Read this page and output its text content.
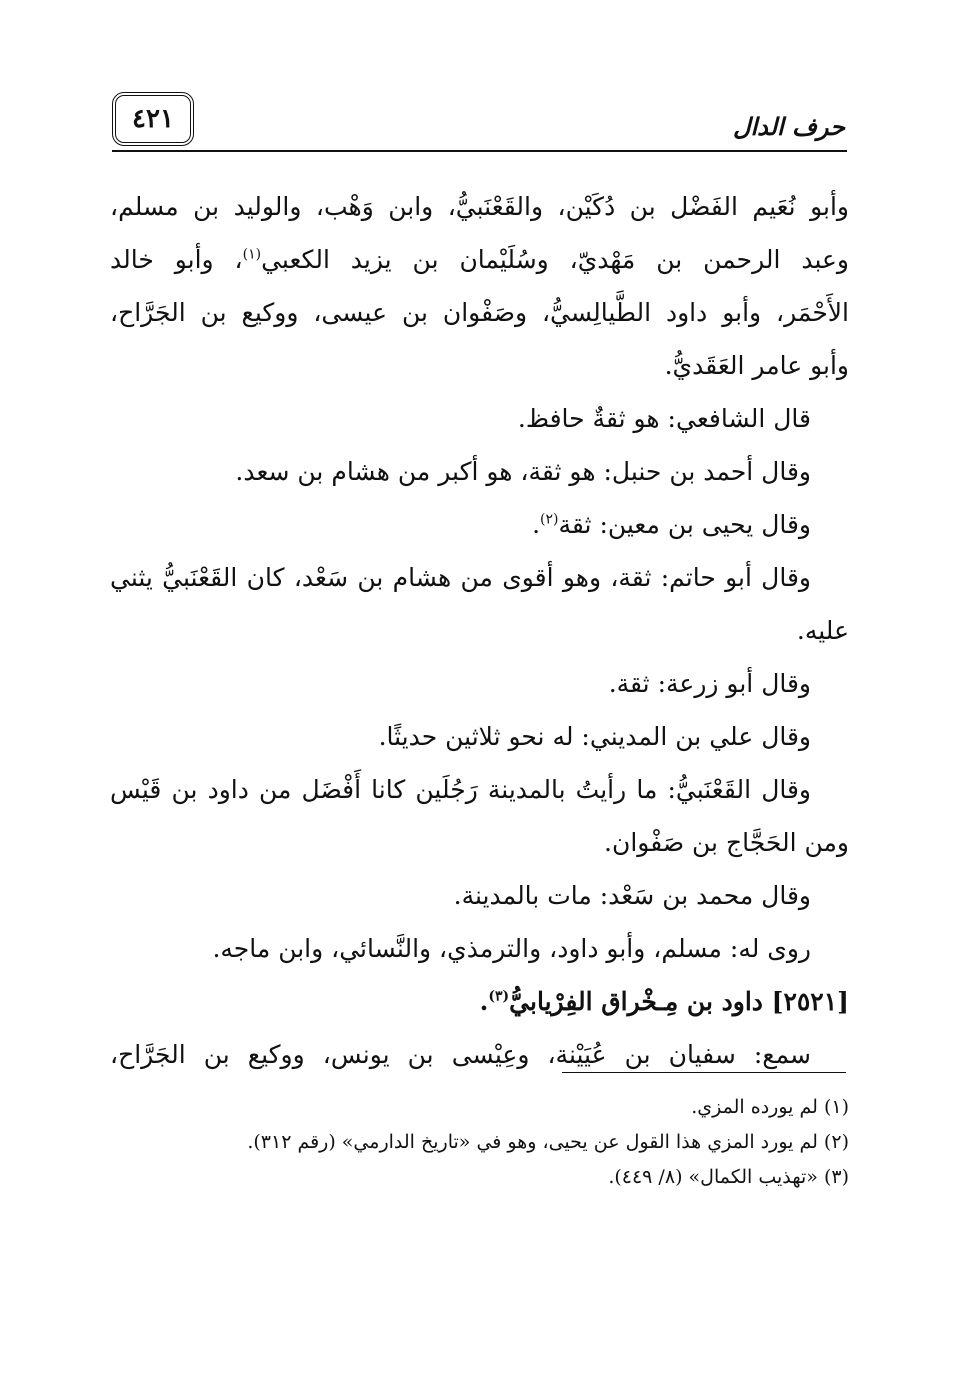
٤٢١	حرف الدال
وأبو نُعَيم الفَضْل بن دُكَيْن، والقَعْنَبيُّ، وابن وَهْب، والوليد بن مسلم،
وعبد الرحمن بن مَهْديّ، وسُلَيْمان بن يزيد الكعبي$^{(١)}$، وأبو خالد
الأَحْمَر، وأبو داود الطَّيالِسيُّ، وصَفْوان بن عيسى، ووكيع بن الجَرَّاح،
وأبو عامر العَقَديُّ.
قال الشافعي: هو ثقةٌ حافظ.
وقال أحمد بن حنبل: هو ثقة، هو أكبر من هشام بن سعد.
وقال يحيى بن معين: ثقة$^{(٢)}$.
وقال أبو حاتم: ثقة، وهو أقوى من هشام بن سَعْد، كان القَعْنَبيُّ يثني
عليه.
وقال أبو زرعة: ثقة.
وقال علي بن المديني: له نحو ثلاثين حديثًا.
وقال القَعْنَبيُّ: ما رأيتُ بالمدينة رَجُلَين كانا أَفْضَل من داود بن قَيْس
ومن الحَجَّاج بن صَفْوان.
وقال محمد بن سَعْد: مات بالمدينة.
روى له: مسلم، وأبو داود، والترمذي، والنَّسائي، وابن ماجه.
[٢٥٢١] داود بن مِـخْراق الفِرْيابيُّ$^{(٣)}$.
سمع: سفيان بن عُيَيْنة، وعِيْسى بن يونس، ووكيع بن الجَرَّاح،
(١) لم يورده المزي.
(٢) لم يورد المزي هذا القول عن يحيى، وهو في «تاريخ الدارمي» (رقم ٣١٢).
(٣) «تهذيب الكمال» (٨/ ٤٤٩).
